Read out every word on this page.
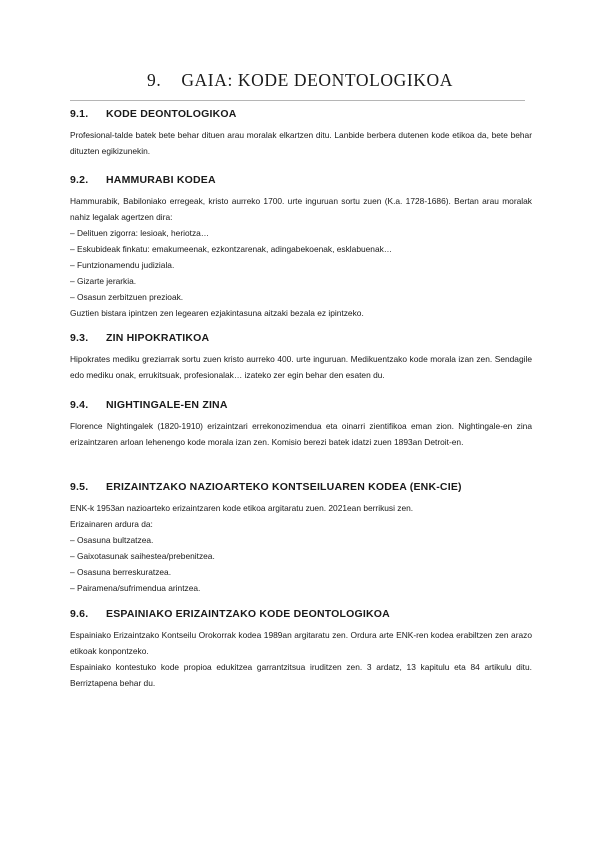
9. GAIA: KODE DEONTOLOGIKOA
9.1. KODE DEONTOLOGIKOA

Profesional-talde batek bete behar dituen arau moralak elkartzen ditu. Lanbide berbera dutenen kode etikoa da, bete behar dituzten egikizunekin.

9.2. HAMMURABI KODEA

Hammurabik, Babiloniako erregeak, kristo aurreko 1700. urte inguruan sortu zuen (K.a. 1728-1686). Bertan arau moralak nahiz legalak agertzen dira:

– Delituen zigorra: lesioak, heriotza…

– Eskubideak finkatu: emakumeenak, ezkontzarenak, adingabekoenak, esklabuenak…

– Funtzionamendu judiziala.

– Gizarte jerarkia.

– Osasun zerbitzuen prezioak.

Guztien bistara ipintzen zen legearen ezjakintasuna aitzaki bezala ez ipintzeko.

9.3. ZIN HIPOKRATIKOA

Hipokrates mediku greziarrak sortu zuen kristo aurreko 400. urte inguruan. Medikuentzako kode morala izan zen. Sendagile edo mediku onak, errukitsuak, profesionalak… izateko zer egin behar den esaten du.

9.4. NIGHTINGALE-EN ZINA

Florence Nightingalek (1820-1910) erizaintzari errekonozimendua eta oinarri zientifikoa eman zion. Nightingale-en zina erizaintzaren arloan lehenengo kode morala izan zen. Komisio berezi batek idatzi zuen 1893an Detroit-en.

9.5. ERIZAINTZAKO NAZIOARTEKO KONTSEILUAREN KODEA (ENK-CIE)

ENK-k 1953an nazioarteko erizaintzaren kode etikoa argitaratu zuen. 2021ean berrikusi zen.

Erizainaren ardura da:

– Osasuna bultzatzea.

– Gaixotasunak saihestea/prebenitzea.

– Osasuna berreskuratzea.

– Pairamena/sufrimendua arintzea.

9.6. ESPAINIAKO ERIZAINTZAKO KODE DEONTOLOGIKOA

Espainiako Erizaintzako Kontseilu Orokorrak kodea 1989an argitaratu zen. Ordura arte ENK-ren kodea erabiltzen zen arazo etikoak konpontzeko.

Espainiako kontestuko kode propioa edukitzea garrantzitsua iruditzen zen. 3 ardatz, 13 kapitulu eta 84 artikulu ditu. Berriztapena behar du.
